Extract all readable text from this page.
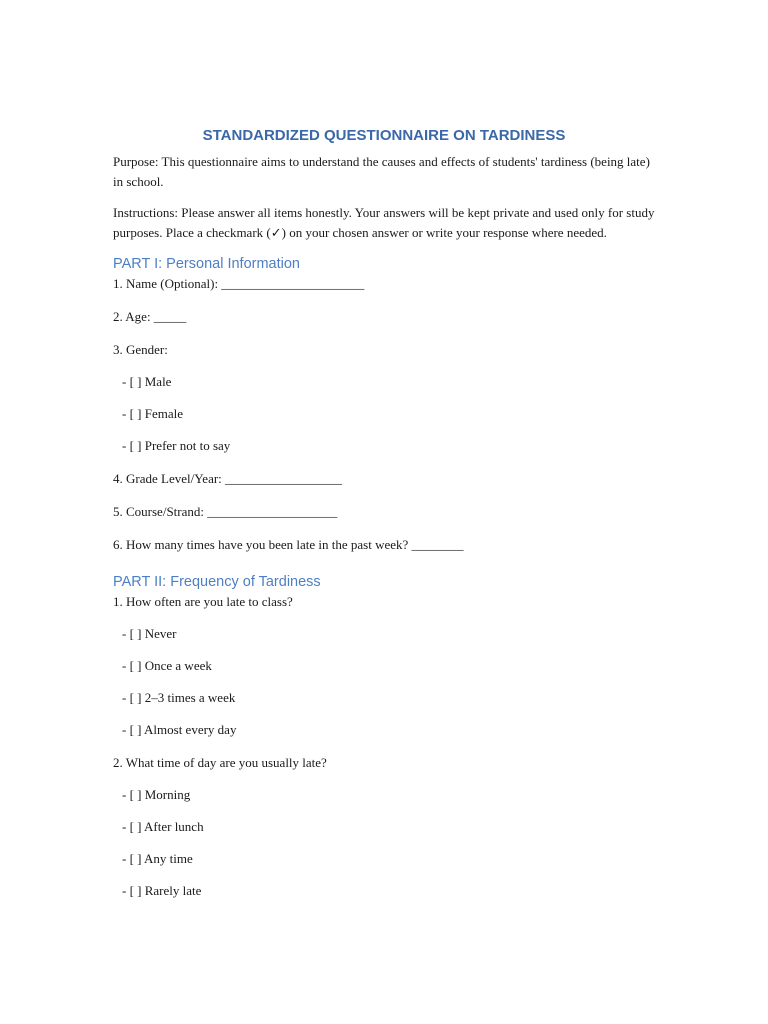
STANDARDIZED QUESTIONNAIRE ON TARDINESS
Purpose: This questionnaire aims to understand the causes and effects of students' tardiness (being late) in school.
Instructions: Please answer all items honestly. Your answers will be kept private and used only for study purposes. Place a checkmark (✓) on your chosen answer or write your response where needed.
PART I: Personal Information
1. Name (Optional): ______________________
2. Age: _____
3. Gender:
- [ ] Male
- [ ] Female
- [ ] Prefer not to say
4. Grade Level/Year: __________________
5. Course/Strand: ____________________
6. How many times have you been late in the past week? ________
PART II: Frequency of Tardiness
1. How often are you late to class?
- [ ] Never
- [ ] Once a week
- [ ] 2–3 times a week
- [ ] Almost every day
2. What time of day are you usually late?
- [ ] Morning
- [ ] After lunch
- [ ] Any time
- [ ] Rarely late
